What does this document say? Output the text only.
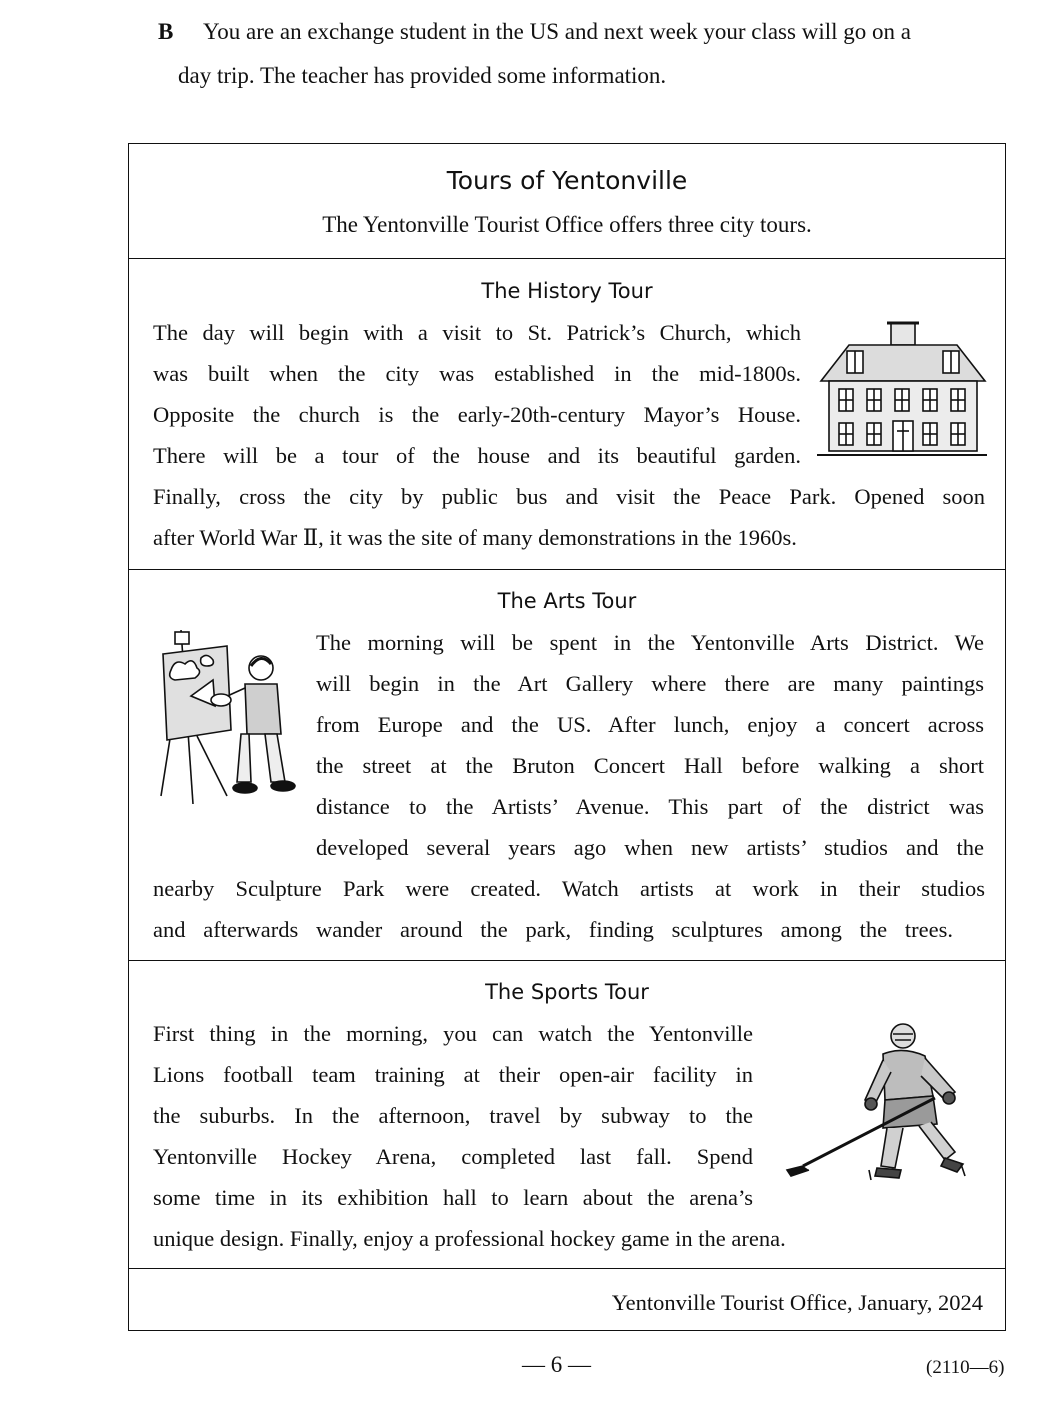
B You are an exchange student in the US and next week your class will go on a
day trip. The teacher has provided some information.
Tours of Yentonville
The Yentonville Tourist Office offers three city tours.
The History Tour
The day will begin with a visit to St. Patrick’s Church, which
was built when the city was established in the mid-1800s.
Opposite the church is the early-20th-century Mayor’s House.
There will be a tour of the house and its beautiful garden.
Finally, cross the city by public bus and visit the Peace Park. Opened soon
after World War Ⅱ, it was the site of many demonstrations in the 1960s.
The Arts Tour
The morning will be spent in the Yentonville Arts District. We
will begin in the Art Gallery where there are many paintings
from Europe and the US. After lunch, enjoy a concert across
the street at the Bruton Concert Hall before walking a short
distance to the Artists’ Avenue. This part of the district was
developed several years ago when new artists’ studios and the
nearby Sculpture Park were created. Watch artists at work in their studios
and afterwards wander around the park, finding sculptures among the trees.
The Sports Tour
First thing in the morning, you can watch the Yentonville
Lions football team training at their open-air facility in
the suburbs. In the afternoon, travel by subway to the
Yentonville Hockey Arena, completed last fall. Spend
some time in its exhibition hall to learn about the arena’s
unique design. Finally, enjoy a professional hockey game in the arena.
Yentonville Tourist Office, January, 2024
— 6 —	(2110—6)
